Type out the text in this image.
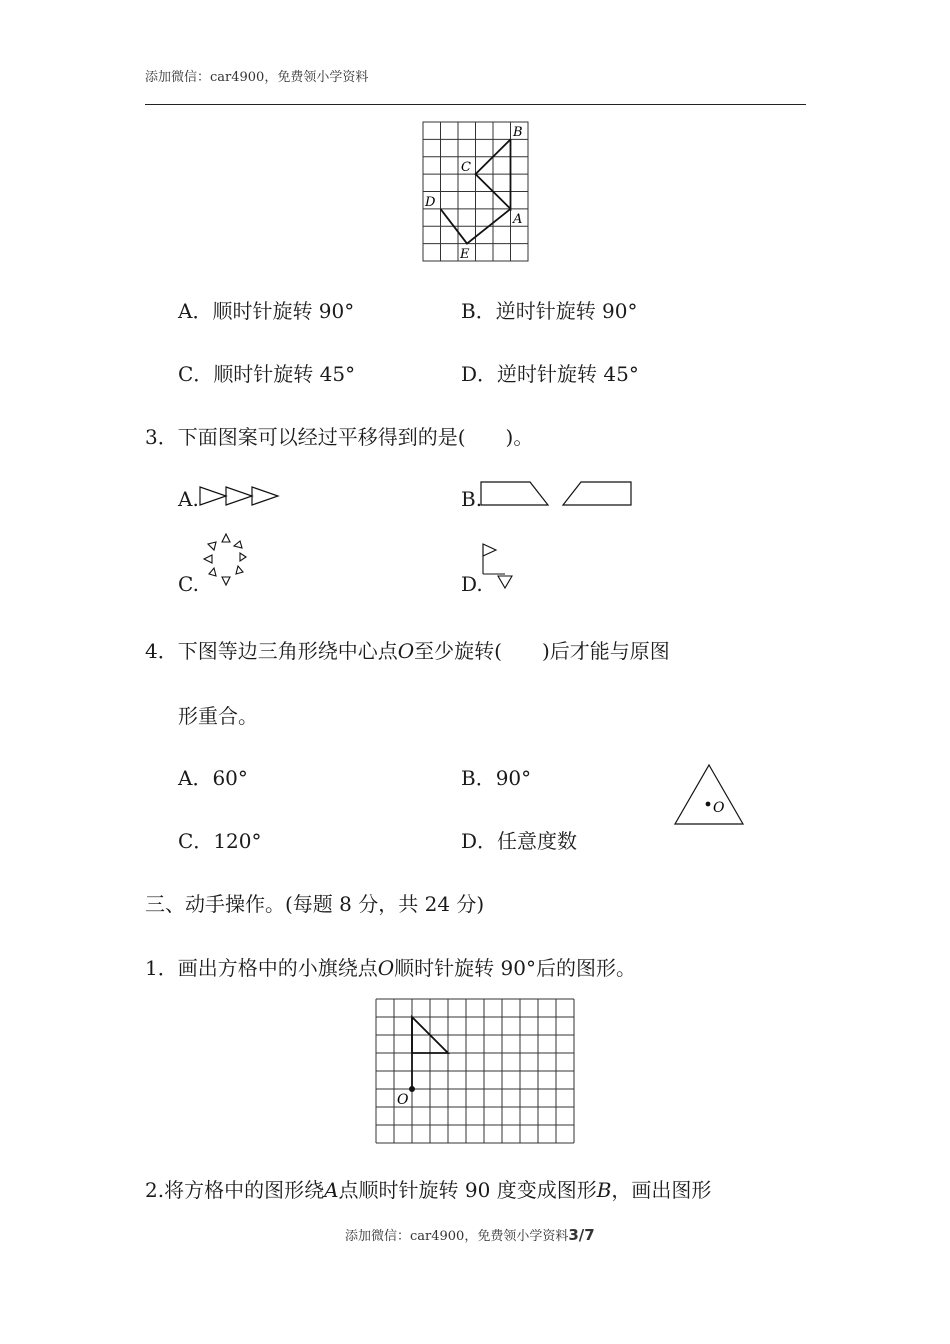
添加微信：car4900，免费领小学资料
B
C
D
A
E
A．顺时针旋转 90°	B．逆时针旋转 90°
C．顺时针旋转 45°	D．逆时针旋转 45°
3．下面图案可以经过平移得到的是(　　)。
A.	B.
C.	D.
4．下图等边三角形绕中心点O至少旋转(　　)后才能与原图
形重合。
A．60°	B．90°
C．120°	D．任意度数
O
三、动手操作。(每题 8 分，共 24 分)
1．画出方格中的小旗绕点O顺时针旋转 90°后的图形。
O
2.将方格中的图形绕A点顺时针旋转 90 度变成图形B，画出图形
添加微信：car4900，免费领小学资料3/7
